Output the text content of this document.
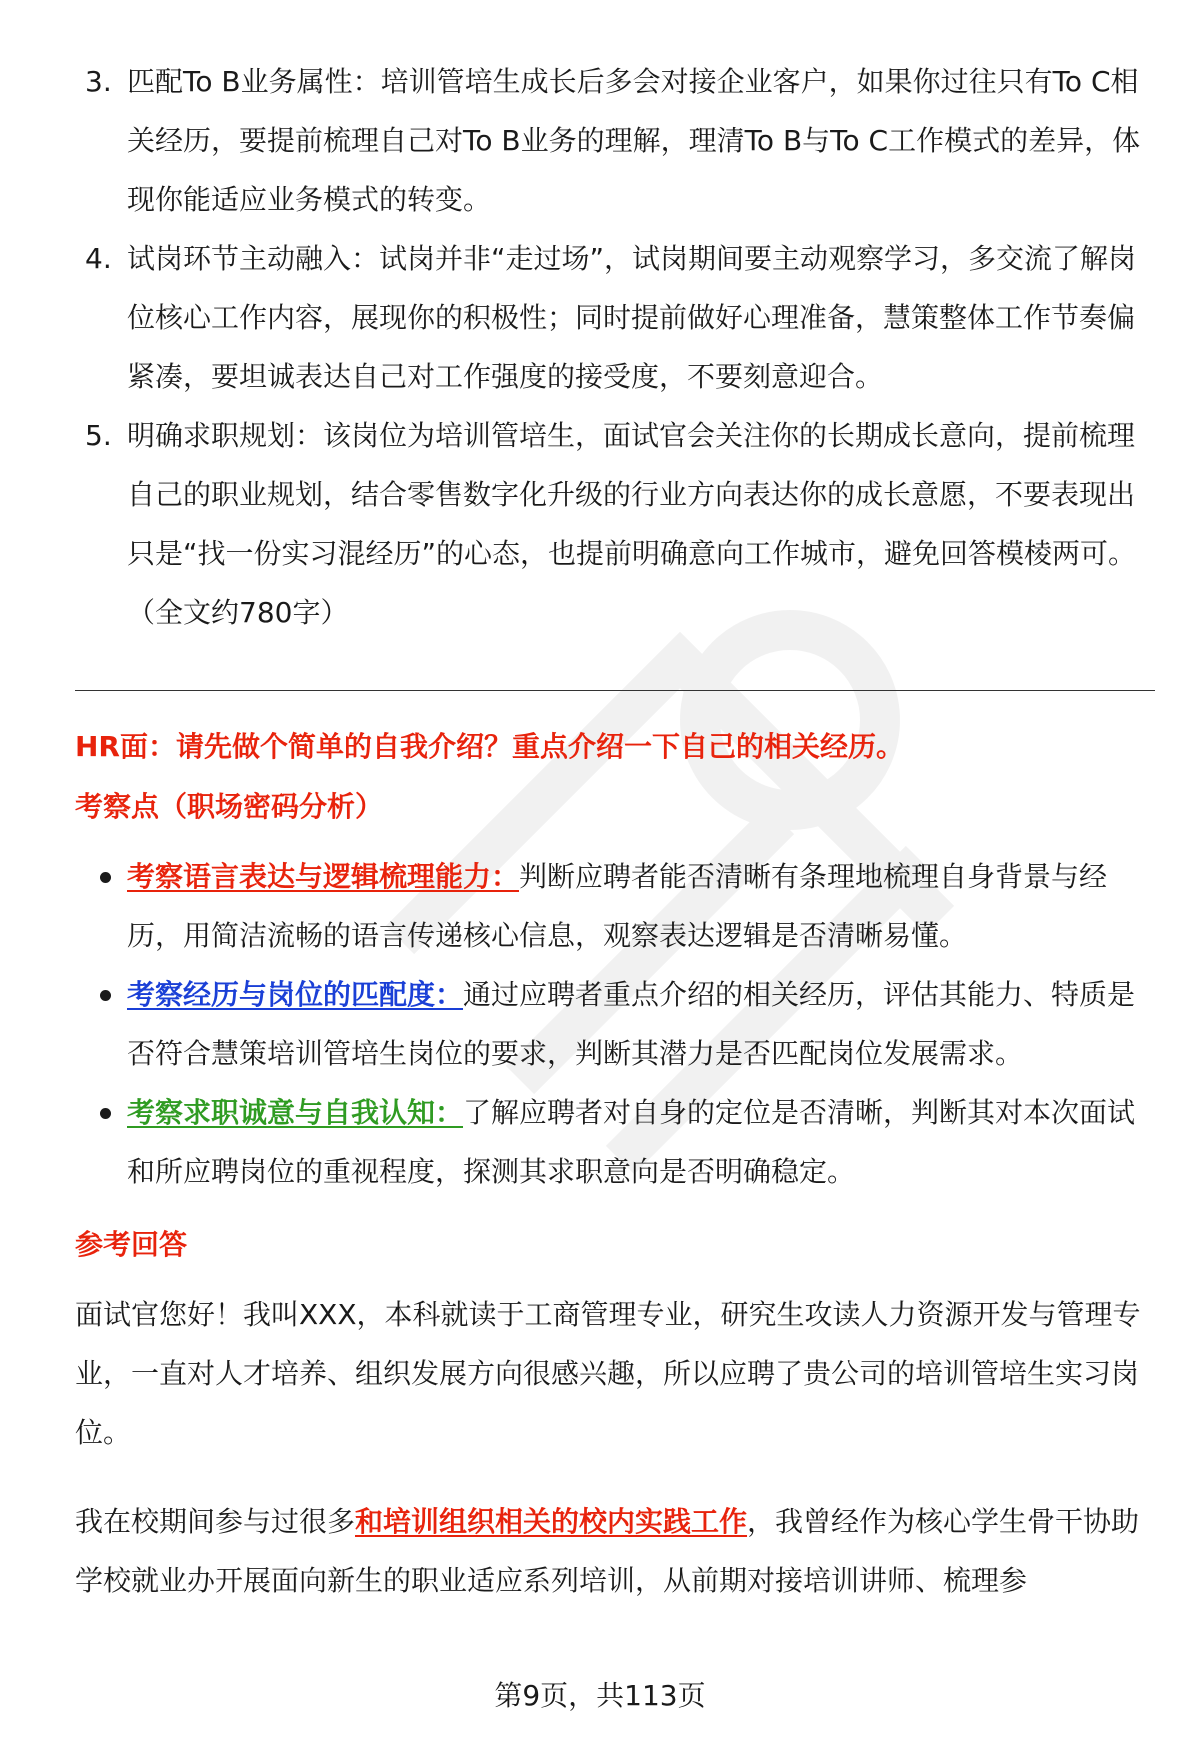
3. 匹配To B业务属性：培训管培生成长后多会对接企业客户，如果你过往只有To C相关经历，要提前梳理自己对To B业务的理解，理清To B与To C工作模式的差异，体现你能适应业务模式的转变。
4. 试岗环节主动融入：试岗并非“走过场”，试岗期间要主动观察学习，多交流了解岗位核心工作内容，展现你的积极性；同时提前做好心理准备，慧策整体工作节奏偏紧凑，要坦诚表达自己对工作强度的接受度，不要刻意迎合。
5. 明确求职规划：该岗位为培训管培生，面试官会关注你的长期成长意向，提前梳理自己的职业规划，结合零售数字化升级的行业方向表达你的成长意愿，不要表现出只是“找一份实习混经历”的心态，也提前明确意向工作城市，避免回答模棱两可。（全文约780字）

HR面：请先做个简单的自我介绍？重点介绍一下自己的相关经历。

考察点（职场密码分析）

考察语言表达与逻辑梳理能力：判断应聘者能否清晰有条理地梳理自身背景与经历，用简洁流畅的语言传递核心信息，观察表达逻辑是否清晰易懂。
考察经历与岗位的匹配度：通过应聘者重点介绍的相关经历，评估其能力、特质是否符合慧策培训管培生岗位的要求，判断其潜力是否匹配岗位发展需求。
考察求职诚意与自我认知：了解应聘者对自身的定位是否清晰，判断其对本次面试和所应聘岗位的重视程度，探测其求职意向是否明确稳定。

参考回答

面试官您好！我叫XXX，本科就读于工商管理专业，研究生攻读人力资源开发与管理专业，一直对人才培养、组织发展方向很感兴趣，所以应聘了贵公司的培训管培生实习岗位。

我在校期间参与过很多和培训组织相关的校内实践工作，我曾经作为核心学生骨干协助学校就业办开展面向新生的职业适应系列培训，从前期对接培训讲师、梳理参

第9页，共113页
